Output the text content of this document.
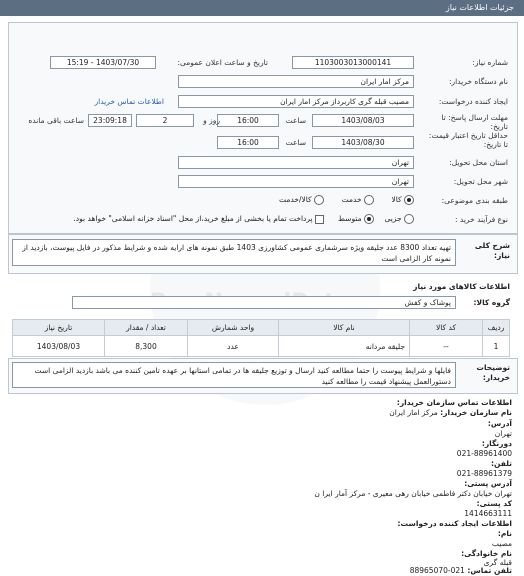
جزئیات اطلاعات نیاز
شماره نیاز:
1103003013000141
تاریخ و ساعت اعلان عمومی:
1403/07/30 - 15:19
نام دستگاه خریدار:
مرکز امار ایران
ایجاد کننده درخواست:
مصیب قبله گری کاربرداز مرکز امار ایران
اطلاعات تماس خریدار
مهلت ارسال پاسخ: تا تاریخ:
1403/08/03
ساعت
16:00
2	روز و
23:09:18
ساعت باقی مانده
حداقل تاریخ اعتبار قیمت: تا تاریخ:
1403/08/30
ساعت
16:00
استان محل تحویل:
تهران
شهر محل تحویل:
تهران
طبقه بندی موضوعی:
کالا
خدمت
کالا/خدمت
نوع فرآیند خرید :
جزیی
متوسط
پرداخت تمام یا بخشی از مبلغ خرید،از محل "اسناد خزانه اسلامی" خواهد بود.
شرح کلی نیاز:
تهیه تعداد 8300 عدد جلیقه ویژه سرشماری عمومی کشاورزی 1403 طبق نمونه های ارایه شده و شرایط مذکور در فایل پیوست، بازدید از نمونه کار الزامی است
اطلاعات کالاهای مورد نیاز
گروه کالا:
پوشاک و کفش
ردیف	کد کالا	نام کالا	واحد شمارش	تعداد / مقدار	تاریخ نیاز
1	--	جلیقه مردانه	عدد	8,300	1403/08/03
توضیحات خریدار:
فایلها و شرایط پیوست را حتما مطالعه کنید ارسال و توزیع جلیقه ها در تمامی استانها بر عهده تامین کننده می باشد بازدید الزامی است دستورالعمل پیشنهاد قیمت را مطالعه کنید
اطلاعات تماس سازمان خریدار:
نام سازمان خریدار: مرکز امار ایران
آدرس:
تهران
دورنگار:
021-88961400
تلفن:
021-88961379
آدرس پستی:
تهران خیابان دکتر فاطمی خیابان رهی معیری - مرکز آمار ایرا ن
کد پستی:
1414663111
اطلاعات ایجاد کننده درخواست:
نام:
مصیب
نام خانوادگی:
قبله گری
تلفن تماس: 021-88965070
